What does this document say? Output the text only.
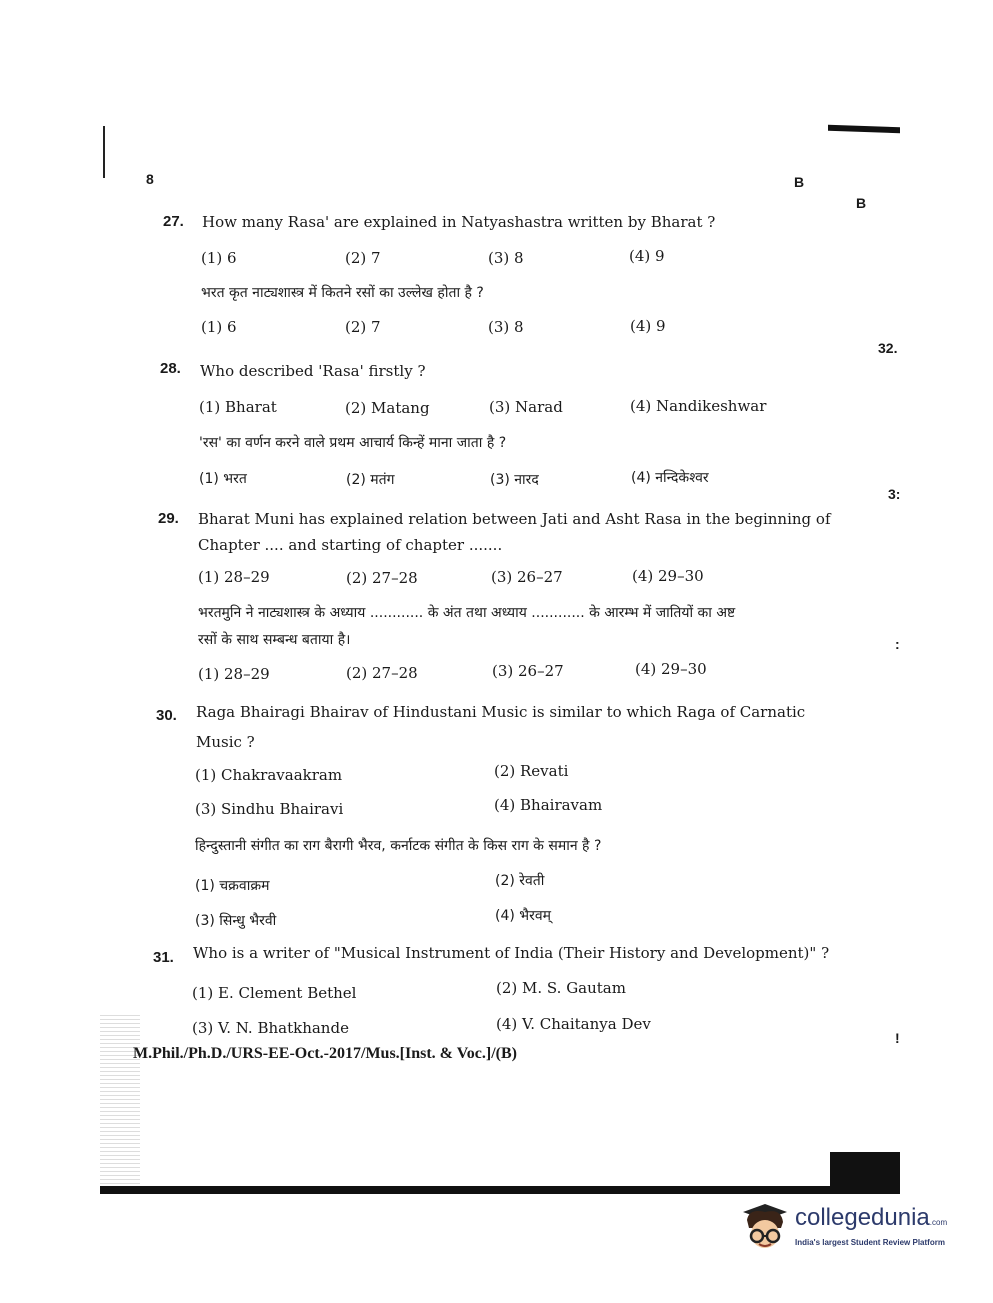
8	B
B
32.
3:
:
!
27. How many Rasa' are explained in Natyashastra written by Bharat ?
(1) 6	(2) 7	(3) 8	(4) 9
भरत कृत नाट्यशास्त्र में कितने रसों का उल्लेख होता है ?
(1) 6	(2) 7	(3) 8	(4) 9
28. Who described 'Rasa' firstly ?
(1) Bharat	(2) Matang	(3) Narad	(4) Nandikeshwar
'रस' का वर्णन करने वाले प्रथम आचार्य किन्हें माना जाता है ?
(1) भरत	(2) मतंग	(3) नारद	(4) नन्दिकेश्वर
29. Bharat Muni has explained relation between Jati and Asht Rasa in the beginning of
Chapter .... and starting of chapter .......
(1) 28–29	(2) 27–28	(3) 26–27	(4) 29–30
भरतमुनि ने नाट्यशास्त्र के अध्याय ............ के अंत तथा अध्याय ............ के आरम्भ में जातियों का अष्ट
रसों के साथ सम्बन्ध बताया है।
(1) 28–29	(2) 27–28	(3) 26–27	(4) 29–30
30. Raga Bhairagi Bhairav of Hindustani Music is similar to which Raga of Carnatic
Music ?
(1) Chakravaakram	(2) Revati
(3) Sindhu Bhairavi	(4) Bhairavam
हिन्दुस्तानी संगीत का राग बैरागी भैरव, कर्नाटक संगीत के किस राग के समान है ?
(1) चक्रवाक्रम	(2) रेवती
(3) सिन्धु भैरवी	(4) भैरवम्
31. Who is a writer of "Musical Instrument of India (Their History and Development)" ?
(1) E. Clement Bethel	(2) M. S. Gautam
(3) V. N. Bhatkhande	(4) V. Chaitanya Dev
M.Phil./Ph.D./URS-EE-Oct.-2017/Mus.[Inst. & Voc.]/(B)
collegedunia.com
India's largest Student Review Platform
